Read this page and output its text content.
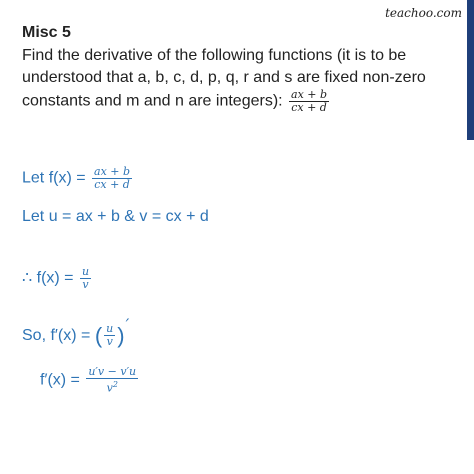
teachoo.com
Misc 5
Find the derivative of the following functions (it is to be understood that a, b, c, d, p, q, r and s are fixed non-zero constants and m and n are integers): $\frac{ax + b}{cx + d}$
Let $f(x) = \frac{ax + b}{cx + d}$
Let u = ax + b & v = cx + d
∴ $f(x) = \frac{u}{v}$
So, f′(x) = ( $\frac{u}{v}$ ) ′
$f'(x) = \frac{u'v - v'u}{v^2}$
